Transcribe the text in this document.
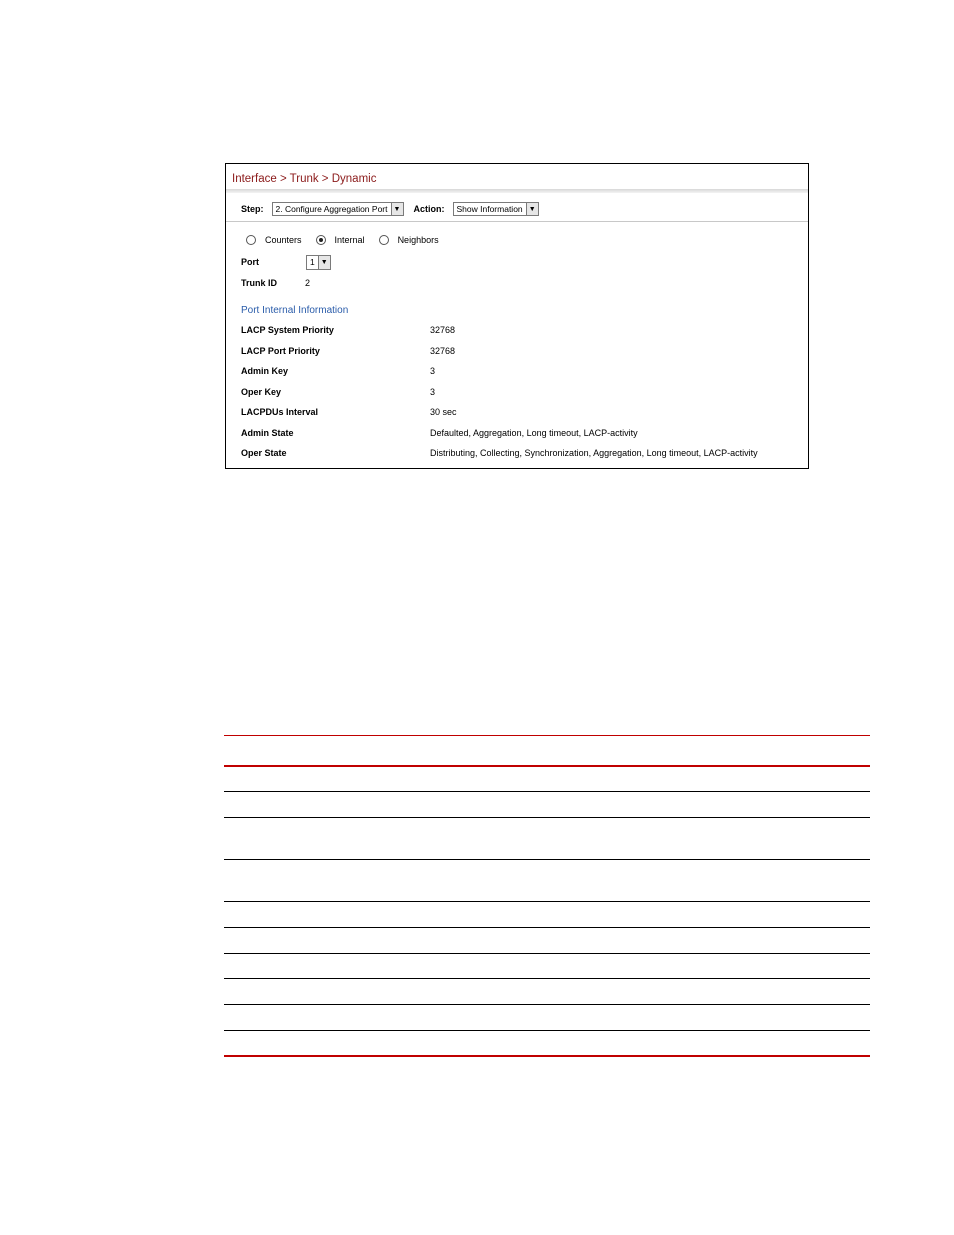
Interface > Trunk > Dynamic
Step:	2. Configure Aggregation Port ▼ Action:	Show Information ▼
Counters	Internal	Neighbors
Port	1 ▼
Trunk ID	2
Port Internal Information
LACP System Priority	32768
LACP Port Priority	32768
Admin Key	3
Oper Key	3
LACPDUs Interval	30 sec
Admin State	Defaulted, Aggregation, Long timeout, LACP-activity
Oper State	Distributing, Collecting, Synchronization, Aggregation, Long timeout, LACP-activity
